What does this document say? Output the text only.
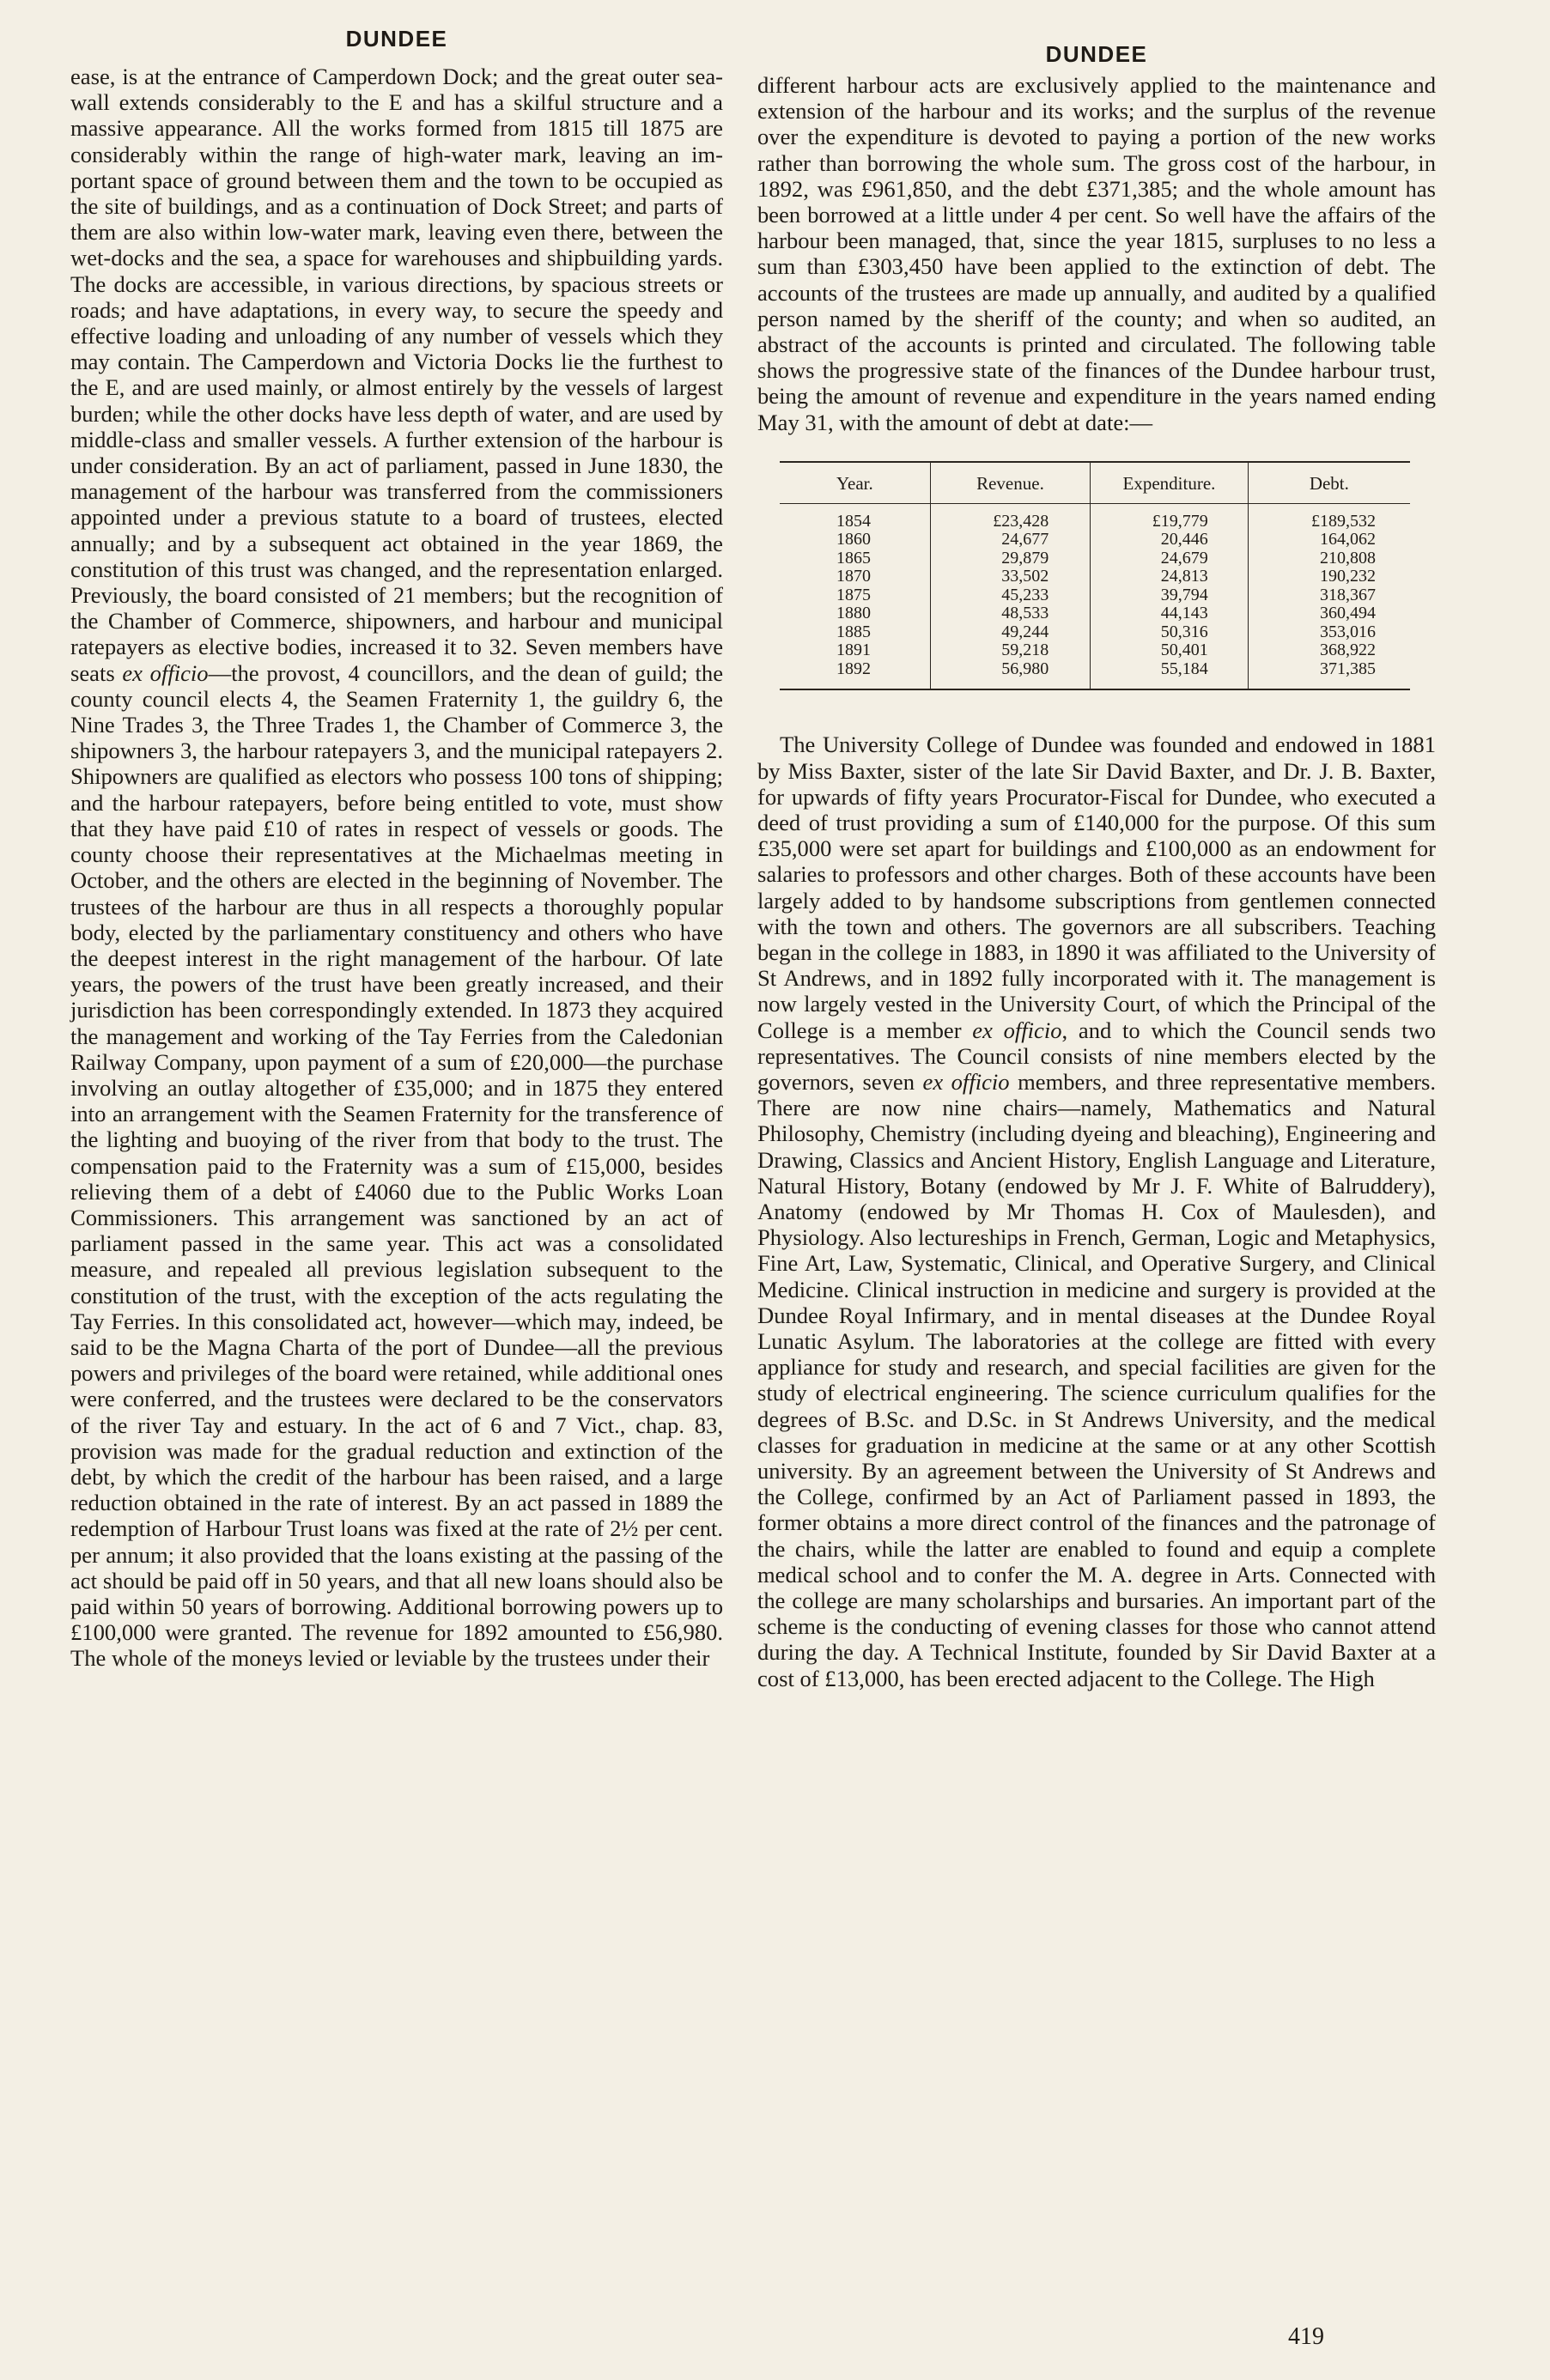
DUNDEE

ease, is at the entrance of Camperdown Dock; and the great outer sea-wall extends considerably to the E and has a skilful structure and a massive appearance. All the works formed from 1815 till 1875 are considerably within the range of high-water mark, leaving an important space of ground between them and the town to be occupied as the site of buildings, and as a continuation of Dock Street; and parts of them are also within low-water mark, leaving even there, between the wet-docks and the sea, a space for warehouses and shipbuilding yards. The docks are accessible, in various directions, by spacious streets or roads; and have adaptations, in every way, to secure the speedy and effective loading and unloading of any number of vessels which they may contain. The Camperdown and Victoria Docks lie the furthest to the E, and are used mainly, or almost entirely by the vessels of largest burden; while the other docks have less depth of water, and are used by middle-class and smaller vessels. A further extension of the harbour is under consideration. By an act of parliament, passed in June 1830, the management of the harbour was transferred from the commissioners appointed under a previous statute to a board of trustees, elected annually; and by a subsequent act obtained in the year 1869, the constitution of this trust was changed, and the representation enlarged. Previously, the board consisted of 21 members; but the recognition of the Chamber of Commerce, shipowners, and harbour and municipal ratepayers as elective bodies, increased it to 32. Seven members have seats ex officio—the provost, 4 councillors, and the dean of guild; the county council elects 4, the Seamen Fraternity 1, the guildry 6, the Nine Trades 3, the Three Trades 1, the Chamber of Commerce 3, the shipowners 3, the harbour ratepayers 3, and the municipal ratepayers 2. Shipowners are qualified as electors who possess 100 tons of shipping; and the harbour ratepayers, before being entitled to vote, must show that they have paid £10 of rates in respect of vessels or goods. The county choose their representatives at the Michaelmas meeting in October, and the others are elected in the beginning of November. The trustees of the harbour are thus in all respects a thoroughly popular body, elected by the parliamentary constituency and others who have the deepest interest in the right management of the harbour. Of late years, the powers of the trust have been greatly increased, and their jurisdiction has been correspondingly extended. In 1873 they acquired the management and working of the Tay Ferries from the Caledonian Railway Company, upon payment of a sum of £20,000—the purchase involving an outlay altogether of £35,000; and in 1875 they entered into an arrangement with the Seamen Fraternity for the transference of the lighting and buoying of the river from that body to the trust. The compensation paid to the Fraternity was a sum of £15,000, besides relieving them of a debt of £4060 due to the Public Works Loan Commissioners. This arrangement was sanctioned by an act of parliament passed in the same year. This act was a consolidated measure, and repealed all previous legislation subsequent to the constitution of the trust, with the exception of the acts regulating the Tay Ferries. In this consolidated act, however—which may, indeed, be said to be the Magna Charta of the port of Dundee—all the previous powers and privileges of the board were retained, while additional ones were conferred, and the trustees were declared to be the conservators of the river Tay and estuary. In the act of 6 and 7 Vict., chap. 83, provision was made for the gradual reduction and extinction of the debt, by which the credit of the harbour has been raised, and a large reduction obtained in the rate of interest. By an act passed in 1889 the redemption of Harbour Trust loans was fixed at the rate of 2½ per cent. per annum; it also provided that the loans existing at the passing of the act should be paid off in 50 years, and that all new loans should also be paid within 50 years of borrowing. Additional borrowing powers up to £100,000 were granted. The revenue for 1892 amounted to £56,980. The whole of the moneys levied or leviable by the trustees under their

DUNDEE

different harbour acts are exclusively applied to the maintenance and extension of the harbour and its works; and the surplus of the revenue over the expenditure is devoted to paying a portion of the new works rather than borrowing the whole sum. The gross cost of the harbour, in 1892, was £961,850, and the debt £371,385; and the whole amount has been borrowed at a little under 4 per cent. So well have the affairs of the harbour been managed, that, since the year 1815, surpluses to no less a sum than £303,450 have been applied to the extinction of debt. The accounts of the trustees are made up annually, and audited by a qualified person named by the sheriff of the county; and when so audited, an abstract of the accounts is printed and circulated. The following table shows the progressive state of the finances of the Dundee harbour trust, being the amount of revenue and expenditure in the years named ending May 31, with the amount of debt at date:—

Year.	Revenue.	Expenditure.	Debt.
1854	£23,428	£19,779	£189,532
1860	24,677	20,446	164,062
1865	29,879	24,679	210,808
1870	33,502	24,813	190,232
1875	45,233	39,794	318,367
1880	48,533	44,143	360,494
1885	49,244	50,316	353,016
1891	59,218	50,401	368,922
1892	56,980	55,184	371,385

The University College of Dundee was founded and endowed in 1881 by Miss Baxter, sister of the late Sir David Baxter, and Dr. J. B. Baxter, for upwards of fifty years Procurator-Fiscal for Dundee, who executed a deed of trust providing a sum of £140,000 for the purpose. Of this sum £35,000 were set apart for buildings and £100,000 as an endowment for salaries to professors and other charges. Both of these accounts have been largely added to by handsome subscriptions from gentlemen connected with the town and others. The governors are all subscribers. Teaching began in the college in 1883, in 1890 it was affiliated to the University of St Andrews, and in 1892 fully incorporated with it. The management is now largely vested in the University Court, of which the Principal of the College is a member ex officio, and to which the Council sends two representatives. The Council consists of nine members elected by the governors, seven ex officio members, and three representative members. There are now nine chairs—namely, Mathematics and Natural Philosophy, Chemistry (including dyeing and bleaching), Engineering and Drawing, Classics and Ancient History, English Language and Literature, Natural History, Botany (endowed by Mr J. F. White of Balruddery), Anatomy (endowed by Mr Thomas H. Cox of Maulesden), and Physiology. Also lectureships in French, German, Logic and Metaphysics, Fine Art, Law, Systematic, Clinical, and Operative Surgery, and Clinical Medicine. Clinical instruction in medicine and surgery is provided at the Dundee Royal Infirmary, and in mental diseases at the Dundee Royal Lunatic Asylum. The laboratories at the college are fitted with every appliance for study and research, and special facilities are given for the study of electrical engineering. The science curriculum qualifies for the degrees of B.Sc. and D.Sc. in St Andrews University, and the medical classes for graduation in medicine at the same or at any other Scottish university. By an agreement between the University of St Andrews and the College, confirmed by an Act of Parliament passed in 1893, the former obtains a more direct control of the finances and the patronage of the chairs, while the latter are enabled to found and equip a complete medical school and to confer the M. A. degree in Arts. Connected with the college are many scholarships and bursaries. An important part of the scheme is the conducting of evening classes for those who cannot attend during the day. A Technical Institute, founded by Sir David Baxter at a cost of £13,000, has been erected adjacent to the College. The High

419
